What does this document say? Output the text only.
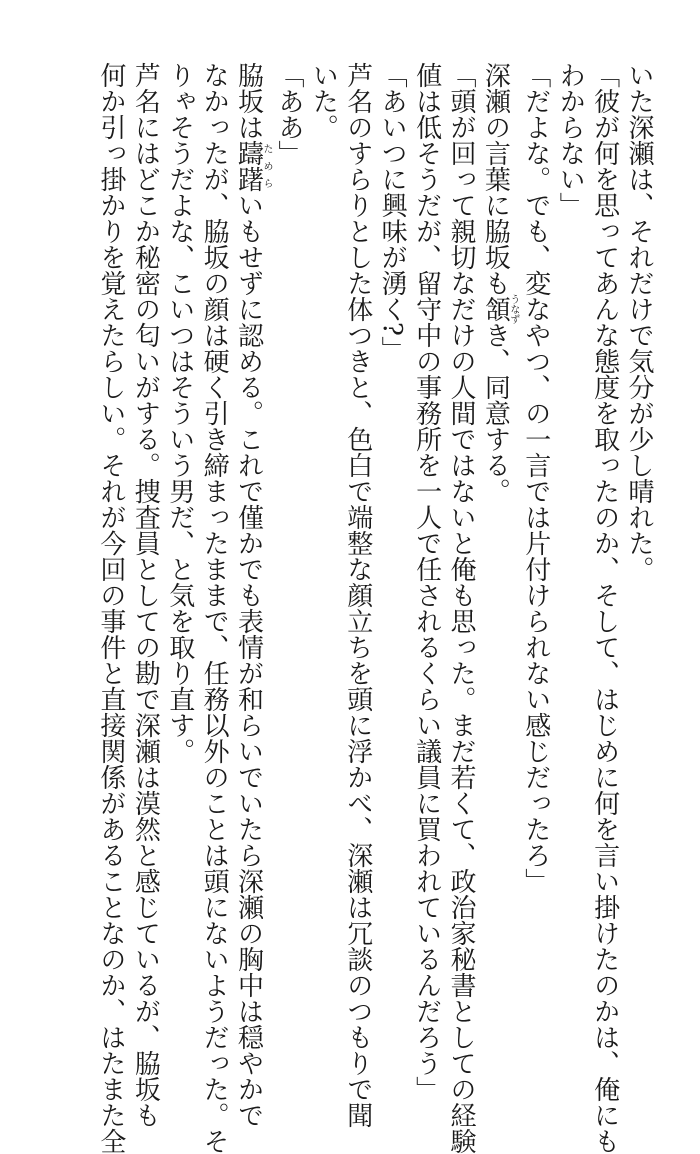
いた深瀬は、それだけで気分が少し晴れた。
「彼が何を思ってあんな態度を取ったのか、そして、はじめに何を言い掛けたのかは、俺にも
わからない」
「だよな。でも、変なやつ、の一言では片付けられない感じだったろ」
深瀬の言葉に脇坂も頷うなずき、同意する。
「頭が回って親切なだけの人間ではないと俺も思った。まだ若くて、政治家秘書としての経験
値は低そうだが、留守中の事務所を一人で任されるくらい議員に買われているんだろう」
「あいつに興味が湧く?」
芦名のすらりとした体つきと、色白で端整な顔立ちを頭に浮かべ、深瀬は冗談のつもりで聞
いた。
「ああ」
脇坂は躊躇ためらいもせずに認める。これで僅かでも表情が和らいでいたら深瀬の胸中は穏やかで
なかったが、脇坂の顔は硬く引き締まったままで、任務以外のことは頭にないようだった。そ
りゃそうだよな、こいつはそういう男だ、と気を取り直す。
芦名にはどこか秘密の匂いがする。捜査員としての勘で深瀬は漠然と感じているが、脇坂も
何か引っ掛かりを覚えたらしい。それが今回の事件と直接関係があることなのか、はたまた全
